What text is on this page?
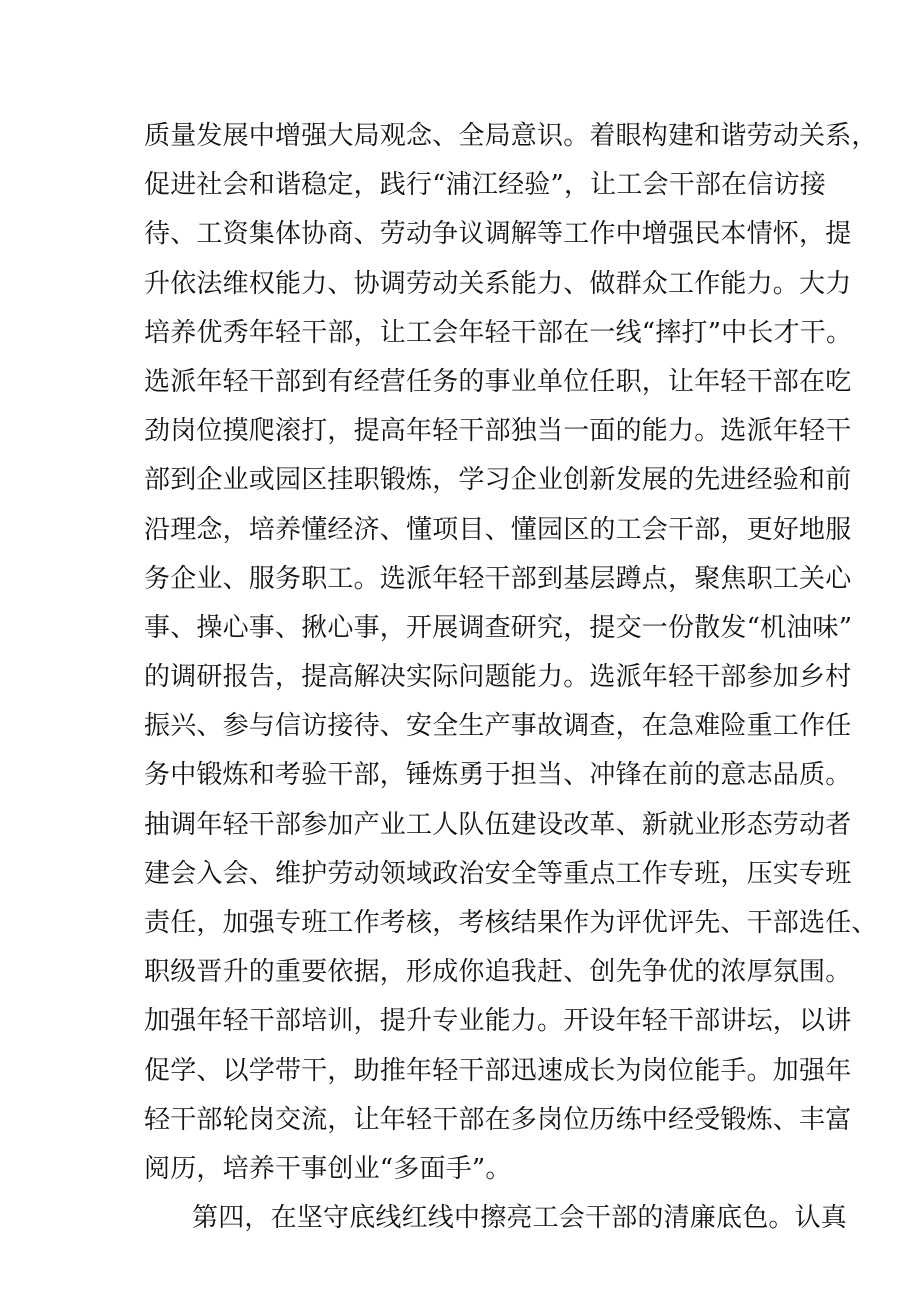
质量发展中增强大局观念、全局意识。着眼构建和谐劳动关系，
促进社会和谐稳定，践行“浦江经验”，让工会干部在信访接
待、工资集体协商、劳动争议调解等工作中增强民本情怀，提
升依法维权能力、协调劳动关系能力、做群众工作能力。大力
培养优秀年轻干部，让工会年轻干部在一线“摔打”中长才干。
选派年轻干部到有经营任务的事业单位任职，让年轻干部在吃
劲岗位摸爬滚打，提高年轻干部独当一面的能力。选派年轻干
部到企业或园区挂职锻炼，学习企业创新发展的先进经验和前
沿理念，培养懂经济、懂项目、懂园区的工会干部，更好地服
务企业、服务职工。选派年轻干部到基层蹲点，聚焦职工关心
事、操心事、揪心事，开展调查研究，提交一份散发“机油味”
的调研报告，提高解决实际问题能力。选派年轻干部参加乡村
振兴、参与信访接待、安全生产事故调查，在急难险重工作任
务中锻炼和考验干部，锤炼勇于担当、冲锋在前的意志品质。
抽调年轻干部参加产业工人队伍建设改革、新就业形态劳动者
建会入会、维护劳动领域政治安全等重点工作专班，压实专班
责任，加强专班工作考核，考核结果作为评优评先、干部选任、
职级晋升的重要依据，形成你追我赶、创先争优的浓厚氛围。
加强年轻干部培训，提升专业能力。开设年轻干部讲坛，以讲
促学、以学带干，助推年轻干部迅速成长为岗位能手。加强年
轻干部轮岗交流，让年轻干部在多岗位历练中经受锻炼、丰富
阅历，培养干事创业“多面手”。
第四，在坚守底线红线中擦亮工会干部的清廉底色。认真
